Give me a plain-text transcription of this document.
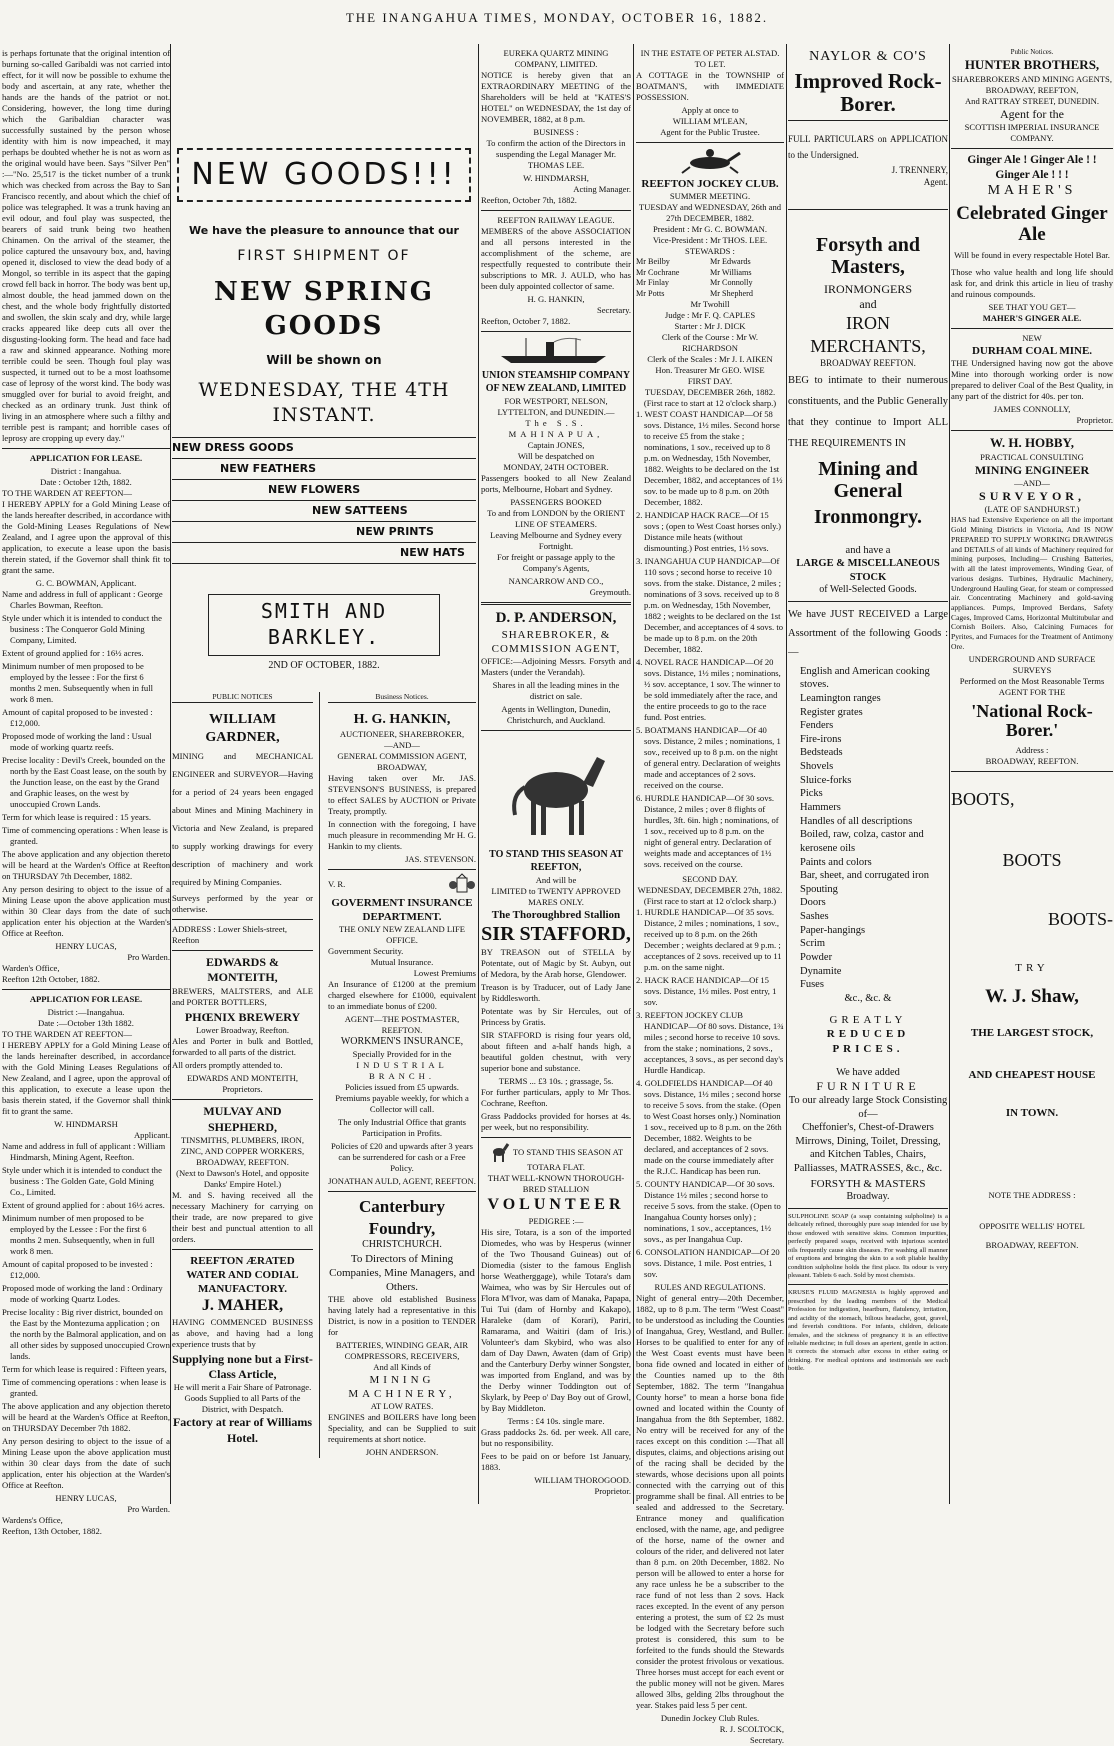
THE INANGAHUA TIMES, MONDAY, OCTOBER 16, 1882.

is perhaps fortunate that the original intention of burning so-called Garibaldi was not carried into effect, for it will now be possible to exhume the body and ascertain, at any rate, whether the hands are the hands of the patriot or not. Considering, however, the long time during which the Garibaldian character was successfully sustained by the person whose identity with him is now impeached, it may perhaps be doubted whether he is not as worn as the original would have been. Says "Silver Pen" :—"No. 25,517 is the ticket number of a trunk which was checked from across the Bay to San Francisco recently, and about which the chief of police was telegraphed. It was a trunk having an evil odour, and foul play was suspected, the bearers of said trunk being two heathen Chinamen. On the arrival of the steamer, the police captured the unsavoury box, and, having opened it, disclosed to view the dead body of a Mongol, so terrible in its aspect that the gaping crowd fell back in horror. The body was bent up, almost double, the head jammed down on the chest, and the whole body frightfully distorted and swollen, the skin scaly and dry, while large cracks appeared like deep cuts all over the disgusting-looking form. The head and face had a raw and skinned appearance. Nothing more terrible could be seen. Though foul play was suspected, it turned out to be a most loathsome case of leprosy of the worst kind. The body was smuggled over for burial to avoid freight, and checked as an ordinary trunk. Just think of living in an atmosphere where such a filthy and terrible pest is rampant; and horrible cases of leprosy are cropping up every day."

APPLICATION FOR LEASE.
District : Inangahua.
Date : October 12th, 1882.
TO THE WARDEN AT REEFTON—

I HEREBY APPLY for a Gold Mining Lease of the lands hereafter described, in accordance with the Gold-Mining Leases Regulations of New Zealand, and I agree upon the approval of this application, to execute a lease upon the basis therein stated, if the Governor shall think fit to grant the same.

G. C. BOWMAN, Applicant.
Name and address in full of applicant : George Charles Bowman, Reefton.
Style under which it is intended to conduct the business : The Conqueror Gold Mining Company, Limited.
Extent of ground applied for : 16½ acres.
Minimum number of men proposed to be employed by the lessee : For the first 6 months 2 men. Subsequently when in full work 8 men.
Amount of capital proposed to be invested : £12,000.
Proposed mode of working the land : Usual mode of working quartz reefs.
Precise locality : Devil's Creek, bounded on the north by the East Coast lease, on the south by the Junction lease, on the east by the Grand and Graphic leases, on the west by unoccupied Crown Lands.
Term for which lease is required : 15 years.
Time of commencing operations : When lease is granted.

The above application and any objection thereto will be heard at the Warden's Office at Reefton on THURSDAY 7th December, 1882.

Any person desiring to object to the issue of a Mining Lease upon the above application must within 30 Clear days from the date of such application enter his objection at the Warden's Office at Reefton.

HENRY LUCAS,
Pro Warden.
Warden's Office,
Reefton 12th October, 1882.
APPLICATION FOR LEASE.
District :—Inangahua.
Date :—October 13th 1882.
TO THE WARDEN AT REEFTON—

I HEREBY APPLY for a Gold Mining Lease of the lands hereinafter described, in accordance with the Gold Mining Leases Regulations of New Zealand, and I agree, upon the approval of this application, to execute a lease upon the basis therein stated, if the Governor shall think fit to grant the same.

W. HINDMARSH
Applicant.
Name and address in full of applicant : William Hindmarsh, Mining Agent, Reefton.
Style under which it is intended to conduct the business : The Golden Gate, Gold Mining Co., Limited.
Extent of ground applied for : about 16½ acres.
Minimum number of men proposed to be employed by the Lessee : For the first 6 months 2 men. Subsequently, when in full work 8 men.
Amount of capital proposed to be invested : £12,000.
Proposed mode of working the land : Ordinary mode of working Quartz Lodes.
Precise locality : Big river district, bounded on the East by the Montezuma application ; on the north by the Balmoral application, and on all other sides by supposed unoccupied Crown lands.
Term for which lease is required : Fifteen years,
Time of commencing operations : when lease is granted.

The above application and any objection thereto will be heard at the Warden's Office at Reefton, on THURSDAY December 7th 1882.

Any person desiring to object to the issue of a Mining Lease upon the above application must within 30 clear days from the date of such application, enter his objection at the Warden's Office at Reefton.

HENRY LUCAS,
Pro Warden.
Wardens's Office,
Reefton, 13th October, 1882.
NEW GOODS!!!
We have the pleasure to announce that our
FIRST SHIPMENT OF
NEW SPRING GOODS
Will be shown on
WEDNESDAY, THE 4TH INSTANT.
NEW DRESS GOODS
NEW FEATHERS
NEW FLOWERS
NEW SATTEENS
NEW PRINTS
NEW HATS
SMITH AND BARKLEY.
2ND OF OCTOBER, 1882.
PUBLIC NOTICES
WILLIAM GARDNER,

MINING and MECHANICAL ENGINEER and SURVEYOR—Having for a period of 24 years been engaged about Mines and Mining Machinery in Victoria and New Zealand, is prepared to supply working drawings for every description of machinery and work required by Mining Companies.

Surveys performed by the year or otherwise.

ADDRESS : Lower Shiels-street, Reefton
EDWARDS & MONTEITH,

BREWERS, MALTSTERS, and ALE and PORTER BOTTLERS,

PHŒNIX BREWERY
Lower Broadway, Reefton.

Ales and Porter in bulk and Bottled, forwarded to all parts of the district.

All orders promptly attended to.

EDWARDS AND MONTEITH,
Proprietors.
MULVAY AND SHEPHERD,
TINSMITHS, PLUMBERS, IRON, ZINC, AND COPPER WORKERS,
BROADWAY, REEFTON.
(Next to Dawson's Hotel, and opposite Danks' Empire Hotel.)

M. and S. having received all the necessary Machinery for carrying on their trade, are now prepared to give their best and punctual attention to all orders.

REEFTON ÆRATED WATER AND CODIAL MANUFACTORY.
J. MAHER,

HAVING COMMENCED BUSINESS as above, and having had a long experience trusts that by

Supplying none but a First-Class Article,
He will merit a Fair Share of Patronage.
Goods Supplied to all Parts of the District, with Despatch.
Factory at rear of Williams Hotel.
Business Notices.
H. G. HANKIN,
AUCTIONEER, SHAREBROKER,
—AND—
GENERAL COMMISSION AGENT,
BROADWAY,

Having taken over Mr. JAS. STEVENSON'S BUSINESS, is prepared to effect SALES by AUCTION or Private Treaty, promptly.

In connection with the foregoing, I have much pleasure in recommending Mr H. G. Hankin to my clients.

JAS. STEVENSON.
V. R.
GOVERMENT INSURANCE DEPARTMENT.
THE ONLY NEW ZEALAND LIFE OFFICE.
Government Security.
Mutual Insurance.
Lowest Premiums

An Insurance of £1200 at the premium charged elsewhere for £1000, equivalent to an immediate bonus of £200.

AGENT—THE POSTMASTER, REEFTON.
WORKMEN'S INSURANCE,
Specially Provided for in the
INDUSTRIAL BRANCH.

Policies issued from £5 upwards. Premiums payable weekly, for which a Collector will call.

The only Industrial Office that grants Participation in Profits.

Policies of £20 and upwards after 3 years can be surrendered for cash or a Free Policy.

JONATHAN AULD, AGENT, REEFTON.
Canterbury Foundry,
CHRISTCHURCH.
To Directors of Mining Companies, Mine Managers, and Others.

THE above old established Business having lately had a representative in this District, is now in a position to TENDER for

BATTERIES, WINDING GEAR, AIR COMPRESSORS, RECEIVERS,
And all Kinds of
MINING MACHINERY,
AT LOW RATES.

ENGINES and BOILERS have long been Speciality, and can be Supplied to suit requirements at short notice.

JOHN ANDERSON.
EUREKA QUARTZ MINING COMPANY, LIMITED.

NOTICE is hereby given that an EXTRAORDINARY MEETING of the Shareholders will be held at "KATES'S HOTEL" on WEDNESDAY, the 1st day of NOVEMBER, 1882, at 8 p.m.

BUSINESS :

To confirm the action of the Directors in suspending the Legal Manager Mr. THOMAS LEE.

W. HINDMARSH,
Acting Manager.
Reefton, October 7th, 1882.
REEFTON RAILWAY LEAGUE.

MEMBERS of the above ASSOCIATION and all persons interested in the accomplishment of the scheme, are respectfully requested to contribute their subscriptions to MR. J. AULD, who has been duly appointed collector of same.

H. G. HANKIN,
Secretary.
Reefton, October 7, 1882.
UNION STEAMSHIP COMPANY OF NEW ZEALAND, LIMITED
FOR WESTPORT, NELSON, LYTTELTON, and DUNEDIN.—
The S.S. MAHINAPUA,
Captain JONES,
Will be despatched on
MONDAY, 24TH OCTOBER.

Passengers booked to all New Zealand ports, Melbourne, Hobart and Sydney.

PASSENGERS BOOKED
To and from LONDON by the ORIENT LINE OF STEAMERS.
Leaving Melbourne and Sydney every Fortnight.

For freight or passage apply to the Company's Agents,

NANCARROW AND CO.,
Greymouth.
D. P. ANDERSON,
SHAREBROKER, & COMMISSION AGENT,

OFFICE:—Adjoining Messrs. Forsyth and Masters (under the Verandah).

Shares in all the leading mines in the district on sale.

Agents in Wellington, Dunedin, Christchurch, and Auckland.

TO STAND THIS SEASON AT REEFTON,
And will be
LIMITED to TWENTY APPROVED MARES ONLY.
The Thoroughbred Stallion
SIR STAFFORD,

BY TREASON out of STELLA by Potentate, out of Magic by St. Aubyn, out of Medora, by the Arab horse, Glendower.

Treason is by Traducer, out of Lady Jane by Riddlesworth.

Potentate was by Sir Hercules, out of Princess by Gratis.

SIR STAFFORD is rising four years old, about fifteen and a-half hands high, a beautiful golden chestnut, with very superior bone and substance.

TERMS ... £3 10s. ; grassage, 5s.

For further particulars, apply to Mr Thos. Cochrane, Reefton.

Grass Paddocks provided for horses at 4s. per week, but no responsibility.

TO STAND THIS SEASON AT
TOTARA FLAT.
THAT WELL-KNOWN THOROUGH-BRED STALLION
VOLUNTEER
PEDIGREE :—

His sire, Totara, is a son of the imported Diomedes, who was by Hesperus (winner of the Two Thousand Guineas) out of Diomedia (sister to the famous English horse Weatherggage), while Totara's dam Waimea, who was by Sir Hercules out of Flora M'Ivor, was dam of Manaka, Papapa, Tui Tui (dam of Hornby and Kakapo), Haraleke (dam of Korari), Pariri, Ramarama, and Waitiri (dam of Iris.) Volunteer's dam Skybird, who was also dam of Day Dawn, Awaten (dam of Grip) and the Canterbury Derby winner Songster, was imported from England, and was by the Derby winner Toddington out of Skylark, by Peep o' Day Boy out of Growl, by Bay Middleton.

Terms : £4 10s. single mare.

Grass paddocks 2s. 6d. per week. All care, but no responsibility.

Fees to be paid on or before 1st January, 1883.

WILLIAM THOROGOOD.
Proprietor.
IN THE ESTATE OF PETER ALSTAD.
TO LET.

A COTTAGE in the TOWNSHIP of BOATMAN'S, with IMMEDIATE POSSESSION.

Apply at once to
WILLIAM M'LEAN,
Agent for the Public Trustee.
REEFTON JOCKEY CLUB.
SUMMER MEETING.
TUESDAY and WEDNESDAY, 26th and 27th DECEMBER, 1882.
President : Mr G. C. BOWMAN.
Vice-President : Mr THOS. LEE.
STEWARDS :
Mr Beilby	Mr Edwards
Mr Cochrane	Mr Williams
Mr Finlay	Mr Connolly
Mr Potts	Mr Shepherd
Mr Twohill
Judge : Mr F. Q. CAPLES
Starter : Mr J. DICK
Clerk of the Course : Mr W. RICHARDSON
Clerk of the Scales : Mr J. I. AIKEN
Hon. Treasurer Mr GEO. WISE
FIRST DAY.
TUESDAY, DECEMBER 26th, 1882.
(First race to start at 12 o'clock sharp.)
1. WEST COAST HANDICAP—Of 58 sovs. Distance, 1½ miles. Second horse to receive £5 from the stake ; nominations, 1 sov., received up to 8 p.m. on Wednesday, 15th November, 1882. Weights to be declared on the 1st December, 1882, and acceptances of 1½ sov. to be made up to 8 p.m. on 20th December, 1882.
2. HANDICAP HACK RACE—Of 15 sovs ; (open to West Coast horses only.) Distance mile heats (without dismounting.) Post entries, 1½ sovs.
3. INANGAHUA CUP HANDICAP—Of 110 sovs ; second horse to receive 10 sovs. from the stake. Distance, 2 miles ; nominations of 3 sovs. received up to 8 p.m. on Wednesday, 15th November, 1882 ; weights to be declared on the 1st December, and acceptances of 4 sovs. to be made up to 8 p.m. on the 20th December, 1882.
4. NOVEL RACE HANDICAP—Of 20 sovs. Distance, 1½ miles ; nominations, ½ sov. acceptance, 1 sov. The winner to be sold immediately after the race, and the entire proceeds to go to the race fund. Post entries.
5. BOATMANS HANDICAP—Of 40 sovs. Distance, 2 miles ; nominations, 1 sov., received up to 8 p.m. on the night of general entry. Declaration of weights made and acceptances of 2 sovs. received on the course.
6. HURDLE HANDICAP—Of 30 sovs. Distance, 2 miles ; over 8 flights of hurdles, 3ft. 6in. high ; nominations, of 1 sov., received up to 8 p.m. on the night of general entry. Declaration of weights made and acceptances of 1½ sovs. received on the course.
SECOND DAY.
WEDNESDAY, DECEMBER 27th, 1882.
(First race to start at 12 o'clock sharp.)
1. HURDLE HANDICAP—Of 35 sovs. Distance, 2 miles ; nominations, 1 sov., received up to 8 p.m. on the 26th December ; weights declared at 9 p.m. ; acceptances of 2 sovs. received up to 11 p.m. on the same night.
2. HACK RACE HANDICAP—Of 15 sovs. Distance, 1½ miles. Post entry, 1 sov.
3. REEFTON JOCKEY CLUB HANDICAP—Of 80 sovs. Distance, 1¾ miles ; second horse to receive 10 sovs. from the stake ; nominations, 2 sovs., acceptances, 3 sovs., as per second day's Hurdle Handicap.
4. GOLDFIELDS HANDICAP—Of 40 sovs. Distance, 1½ miles ; second horse to receive 5 sovs. from the stake. (Open to West Coast horses only.) Nomination 1 sov., received up to 8 p.m. on the 26th December, 1882. Weights to be declared, and acceptances of 2 sovs. made on the course immediately after the R.J.C. Handicap has been run.
5. COUNTY HANDICAP—Of 30 sovs. Distance 1½ miles ; second horse to receive 5 sovs. from the stake. (Open to Inangahua County horses only) ; nominations, 1 sov., acceptances, 1½ sovs., as per Inangahua Cup.
6. CONSOLATION HANDICAP—Of 20 sovs. Distance, 1 mile. Post entries, 1 sov.
RULES AND REGULATIONS.

Night of general entry—20th December, 1882, up to 8 p.m. The term "West Coast" to be understood as including the Counties of Inangahua, Grey, Westland, and Buller. Horses to be qualified to enter for any of the West Coast events must have been bona fide owned and located in either of the Counties named up to the 8th September, 1882. The term "Inangahua County horse" to mean a horse bona fide owned and located within the County of Inangahua from the 8th September, 1882. No entry will be received for any of the races except on this condition :—That all disputes, claims, and objections arising out of the racing shall be decided by the stewards, whose decisions upon all points connected with the carrying out of this programme shall be final. All entries to be sealed and addressed to the Secretary. Entrance money and qualification enclosed, with the name, age, and pedigree of the horse, name of the owner and colours of the rider, and delivered not later than 8 p.m. on 20th December, 1882. No person will be allowed to enter a horse for any race unless he be a subscriber to the race fund of not less than 2 sovs. Hack races excepted. In the event of any person entering a protest, the sum of £2 2s must be lodged with the Secretary before such protest is considered, this sum to be forfeited to the funds should the Stewards consider the protest frivolous or vexatious. Three horses must accept for each event or the public money will not be given. Mares allowed 3lbs, gelding 2lbs throughout the year. Stakes paid less 5 per cent.

Dunedin Jockey Club Rules.
R. J. SCOLTOCK,
Secretary.
NAYLOR & CO'S
Improved Rock-Borer.

FULL PARTICULARS on APPLICATION to the Undersigned.

J. TRENNERY,
Agent.
Forsyth and Masters,
IRONMONGERS
and
IRON MERCHANTS,
BROADWAY REEFTON.

BEG to intimate to their numerous constituents, and the Public Generally that they continue to Import ALL THE REQUIREMENTS IN

Mining and General
Ironmongry.
and have a
LARGE & MISCELLANEOUS STOCK
of Well-Selected Goods.

We have JUST RECEIVED a Large Assortment of the following Goods :—

English and American cooking stoves.
Leamington ranges
Register grates
Fenders
Fire-irons
Bedsteads
Shovels
Sluice-forks
Picks
Hammers
Handles of all descriptions
Boiled, raw, colza, castor and kerosene oils
Paints and colors
Bar, sheet, and corrugated iron
Spouting
Doors
Sashes
Paper-hangings
Scrim
Powder
Dynamite
Fuses
&c., &c. &
GREATLY
REDUCED PRICES.
We have added
FURNITURE
To our already large Stock Consisting of—

Cheffonier's, Chest-of-Drawers Mirrows, Dining, Toilet, Dressing, and Kitchen Tables, Chairs, Palliasses, MATRASSES, &c., &c.

FORSYTH & MASTERS
Broadway.

SULPHOLINE SOAP (a soap containing sulpholine) is a delicately refined, thoroughly pure soap intended for use by those endowed with sensitive skins. Common impurities, perfectly prepared soaps, received with injurious scented oils frequently cause skin diseases. For washing all manner of eruptions and bringing the skin to a soft pliable healthy condition sulpholine holds the first place. Its odour is very pleasant. Tablets 6 each. Sold by most chemists.

KRUSE'S FLUID MAGNESIA is highly approved and prescribed by the leading members of the Medical Profession for indigestion, heartburn, flatulency, irritation, and acidity of the stomach, bilious headache, gout, gravel, and feverish conditions. For infants, children, delicate females, and the sickness of pregnancy it is an effective reliable medicine; in full doses an aperient, gentle in action. It corrects the stomach after excess in either eating or drinking. For medical opinions and testimonials see each bottle.

Public Notices.
HUNTER BROTHERS,
SHAREBROKERS AND MINING AGENTS,
BROADWAY, REEFTON,
And RATTRAY STREET, DUNEDIN.
Agent for the
SCOTTISH IMPERIAL INSURANCE COMPANY.
Ginger Ale ! Ginger Ale ! ! Ginger Ale ! ! !
MAHER'S
Celebrated Ginger Ale
Will be found in every respectable Hotel Bar.

Those who value health and long life should ask for, and drink this article in lieu of trashy and ruinous compounds.

SEE THAT YOU GET—
MAHER'S GINGER ALE.
NEW
DURHAM COAL MINE.

THE Undersigned having now got the above Mine into thorough working order is now prepared to deliver Coal of the Best Quality, in any part of the district for 40s. per ton.

JAMES CONNOLLY,
Proprietor.
W. H. HOBBY,
PRACTICAL CONSULTING
MINING ENGINEER
—AND—
SURVEYOR,
(LATE OF SANDHURST.)

HAS had Extensive Experience on all the important Gold Mining Districts in Victoria, And IS NOW PREPARED TO SUPPLY WORKING DRAWINGS and DETAILS of all kinds of Machinery required for mining purposes, Including— Crushing Batteries, with all the latest improvements, Winding Gear, of various designs. Turbines, Hydraulic Machinery, Underground Hauling Gear, for steam or compressed air. Concentrating Machinery and gold-saving appliances. Pumps, Improved Berdans, Safety Cages, Improved Cams, Horizontal Multitubular and Cornish Boilers. Also, Calcining Furnaces for Pyrites, and Furnaces for the Treatment of Antimony Ore.

UNDERGROUND AND SURFACE SURVEYS
Performed on the Most Reasonable Terms
AGENT FOR THE
'National Rock-Borer.'
Address :
BROADWAY, REEFTON.
BOOTS,
BOOTS
BOOTS-
TRY
W. J. Shaw,
THE LARGEST STOCK,
AND CHEAPEST HOUSE
IN TOWN.
NOTE THE ADDRESS :
OPPOSITE WELLIS' HOTEL
BROADWAY, REEFTON.
